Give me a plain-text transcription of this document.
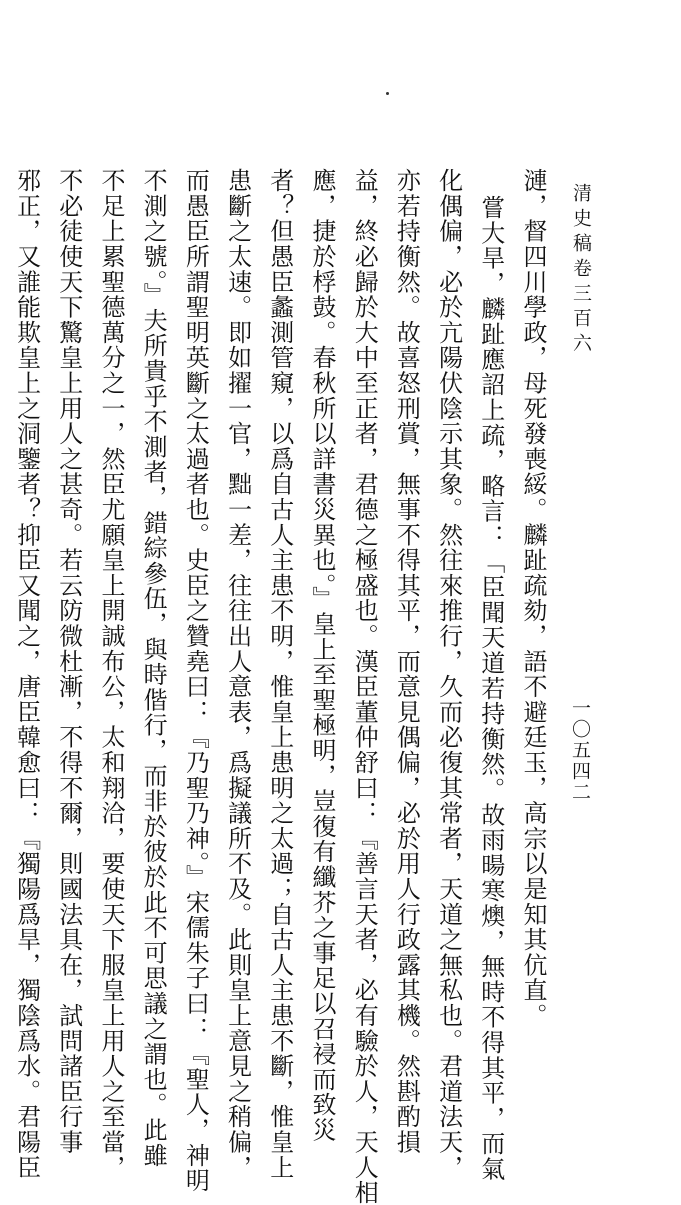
清史稿卷三百六
一〇五四二
漣，督四川學政，母死發喪綏。麟趾疏劾，語不避廷玉，高宗以是知其伉直。
嘗大旱，麟趾應詔上疏，略言：「臣聞天道若持衡然。故雨暘寒燠，無時不得其平，而氣
化偶偏，必於亢陽伏陰示其象。然往來推行，久而必復其常者，天道之無私也。君道法天，
亦若持衡然。故喜怒刑賞，無事不得其平，而意見偶偏，必於用人行政露其機。然斟酌損
益，終必歸於大中至正者，君德之極盛也。漢臣董仲舒曰：『善言天者，必有驗於人，天人相
應，捷於桴鼓。春秋所以詳書災異也。』皇上至聖極明，豈復有纖芥之事足以召祲而致災
者？但愚臣蠡測管窺，以爲自古人主患不明，惟皇上患明之太過；自古人主患不斷，惟皇上
患斷之太速。即如擢一官，黜一差，往往出人意表，爲擬議所不及。此則皇上意見之稍偏，
而愚臣所謂聖明英斷之太過者也。史臣之贊堯曰：『乃聖乃神。』宋儒朱子曰：『聖人，神明
不測之號。』夫所貴乎不測者，錯綜參伍，與時偕行，而非於彼於此不可思議之謂也。此雖
不足上累聖德萬分之一，然臣尤願皇上開誠布公，太和翔洽，要使天下服皇上用人之至當，
不必徒使天下驚皇上用人之甚奇。若云防微杜漸，不得不爾，則國法具在，試問諸臣行事
邪正，又誰能欺皇上之洞鑒者？抑臣又聞之，唐臣韓愈曰：『獨陽爲旱，獨陰爲水。君陽臣
